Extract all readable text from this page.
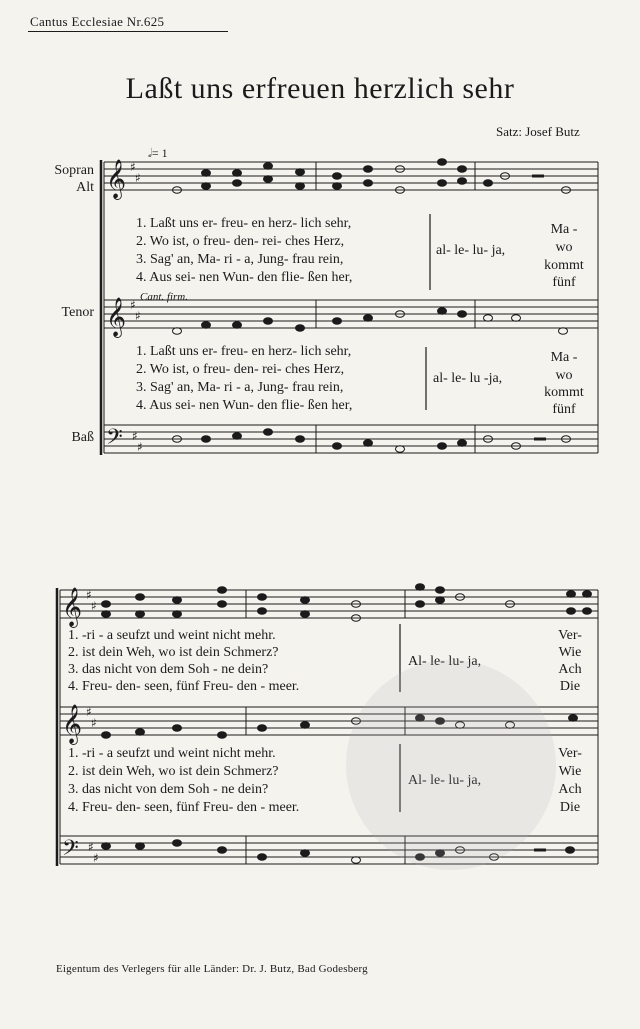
Cantus Ecclesiae Nr.625
Laßt uns erfreuen herzlich sehr
Satz: Josef Butz
Sopran
Alt
Tenor
Baß
𝅗𝅥= 1
Cant. firm.
𝄞
𝄞
𝄢
𝄞
𝄞
𝄢
♯
♯
♯
♯
♯
♯
♯
♯
♯
♯
♯
♯
1. Laßt uns er- freu- en herz- lich sehr,
2. Wo ist, o freu- den- rei- ches Herz,
3. Sag' an, Ma- ri - a, Jung- frau rein,
4. Aus sei- nen Wun- den flie- ßen her,
al- le- lu- ja,
Ma -
wo
kommt
fünf
1. Laßt uns er- freu- en herz- lich sehr,
2. Wo ist, o freu- den- rei- ches Herz,
3. Sag' an, Ma- ri - a, Jung- frau rein,
4. Aus sei- nen Wun- den flie- ßen her,
al- le- lu -ja,
Ma -
wo
kommt
fünf
1. -ri - a seufzt und weint nicht mehr.
2. ist dein Weh, wo ist dein Schmerz?
3. das nicht von dem Soh - ne dein?
4. Freu- den- seen, fünf Freu- den - meer.
Al- le- lu- ja,
Ver-
Wie
Ach
Die
1. -ri - a seufzt und weint nicht mehr.
2. ist dein Weh, wo ist dein Schmerz?
3. das nicht von dem Soh - ne dein?
4. Freu- den- seen, fünf Freu- den - meer.
Al- le- lu- ja,
Ver-
Wie
Ach
Die
Eigentum des Verlegers für alle Länder: Dr. J. Butz, Bad Godesberg
